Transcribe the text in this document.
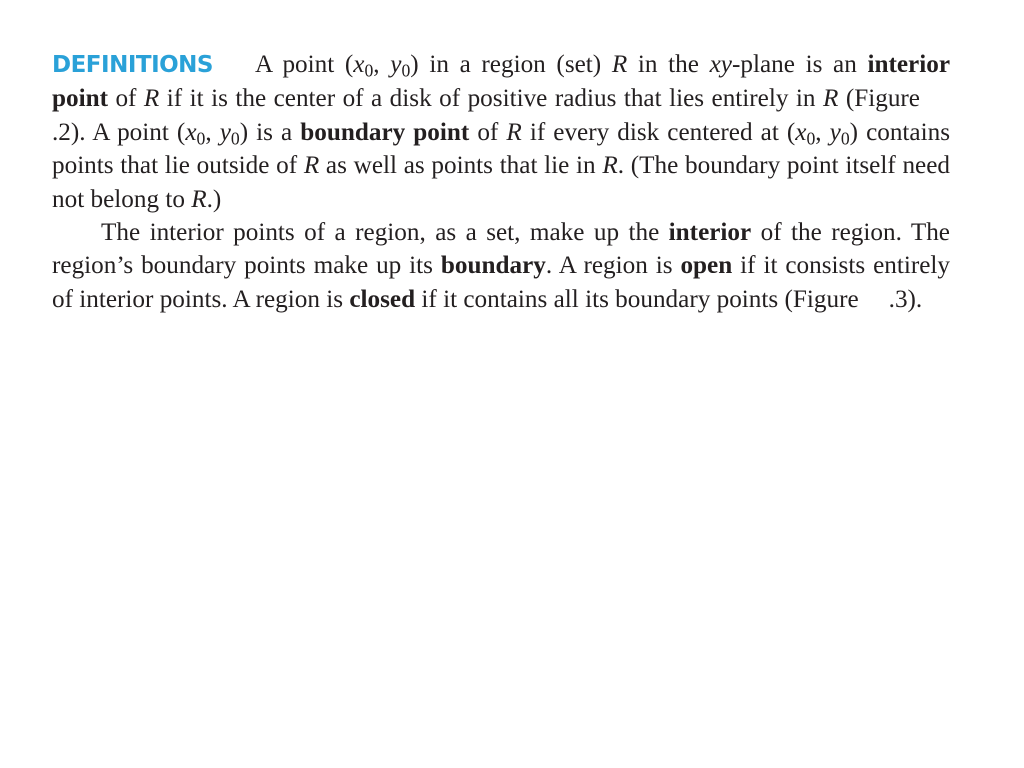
DEFINITIONS A point ($x_0$, $y_0$) in a region (set) R in the xy-plane is an interior point of R if it is the center of a disk of positive radius that lies entirely in R (Figure.2). A point ($x_0$, $y_0$) is a boundary point of R if every disk centered at ($x_0$, $y_0$) contains points that lie outside of R as well as points that lie in R. (The boundary point itself need not belong to R.)

The interior points of a region, as a set, make up the interior of the region. The region’s boundary points make up its boundary. A region is open if it consists entirely of interior points. A region is closed if it contains all its boundary points (Figure .3).
